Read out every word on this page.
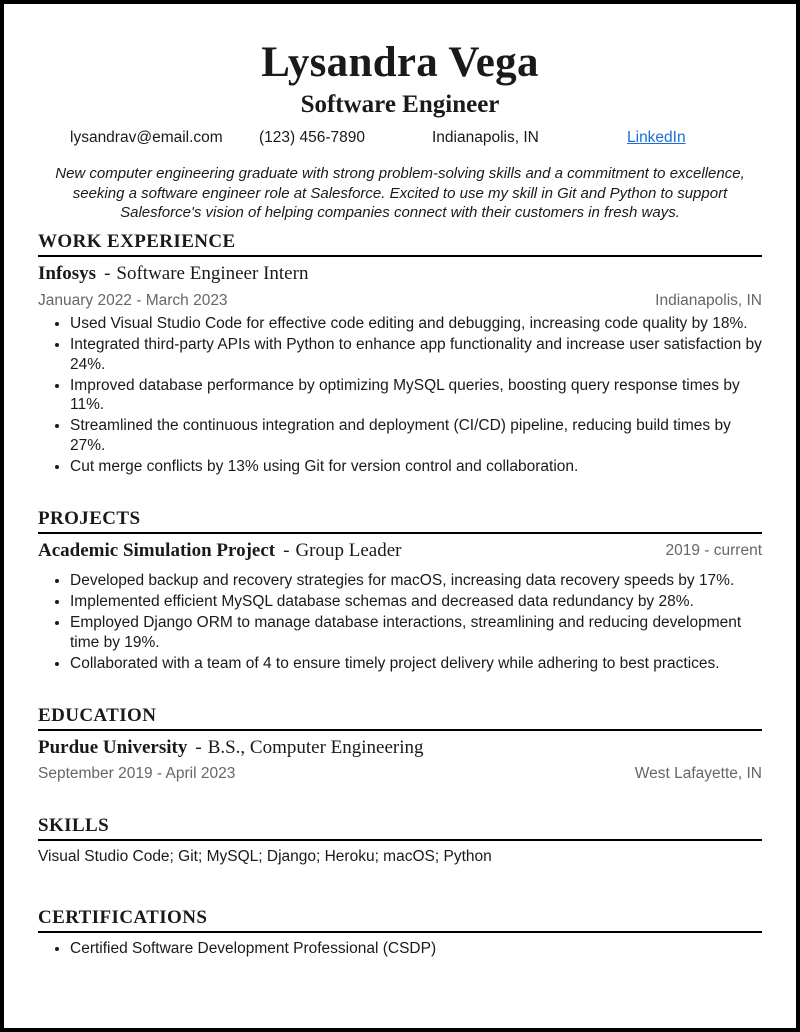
Lysandra Vega
Software Engineer
lysandrav@email.com (123) 456-7890	Indianapolis, IN	LinkedIn
New computer engineering graduate with strong problem-solving skills and a commitment to excellence, seeking a software engineer role at Salesforce. Excited to use my skill in Git and Python to support Salesforce's vision of helping companies connect with their customers in fresh ways.
WORK EXPERIENCE
Infosys - Software Engineer Intern
January 2022 - March 2023	Indianapolis, IN
• Used Visual Studio Code for effective code editing and debugging, increasing code quality by 18%.
• Integrated third-party APIs with Python to enhance app functionality and increase user satisfaction by 24%.
• Improved database performance by optimizing MySQL queries, boosting query response times by 11%.
• Streamlined the continuous integration and deployment (CI/CD) pipeline, reducing build times by 27%.
• Cut merge conflicts by 13% using Git for version control and collaboration.
PROJECTS
Academic Simulation Project - Group Leader	2019 - current
• Developed backup and recovery strategies for macOS, increasing data recovery speeds by 17%.
• Implemented efficient MySQL database schemas and decreased data redundancy by 28%.
• Employed Django ORM to manage database interactions, streamlining and reducing development time by 19%.
• Collaborated with a team of 4 to ensure timely project delivery while adhering to best practices.
EDUCATION
Purdue University - B.S., Computer Engineering
September 2019 - April 2023	West Lafayette, IN
SKILLS
Visual Studio Code; Git; MySQL; Django; Heroku; macOS; Python
CERTIFICATIONS
• Certified Software Development Professional (CSDP)
